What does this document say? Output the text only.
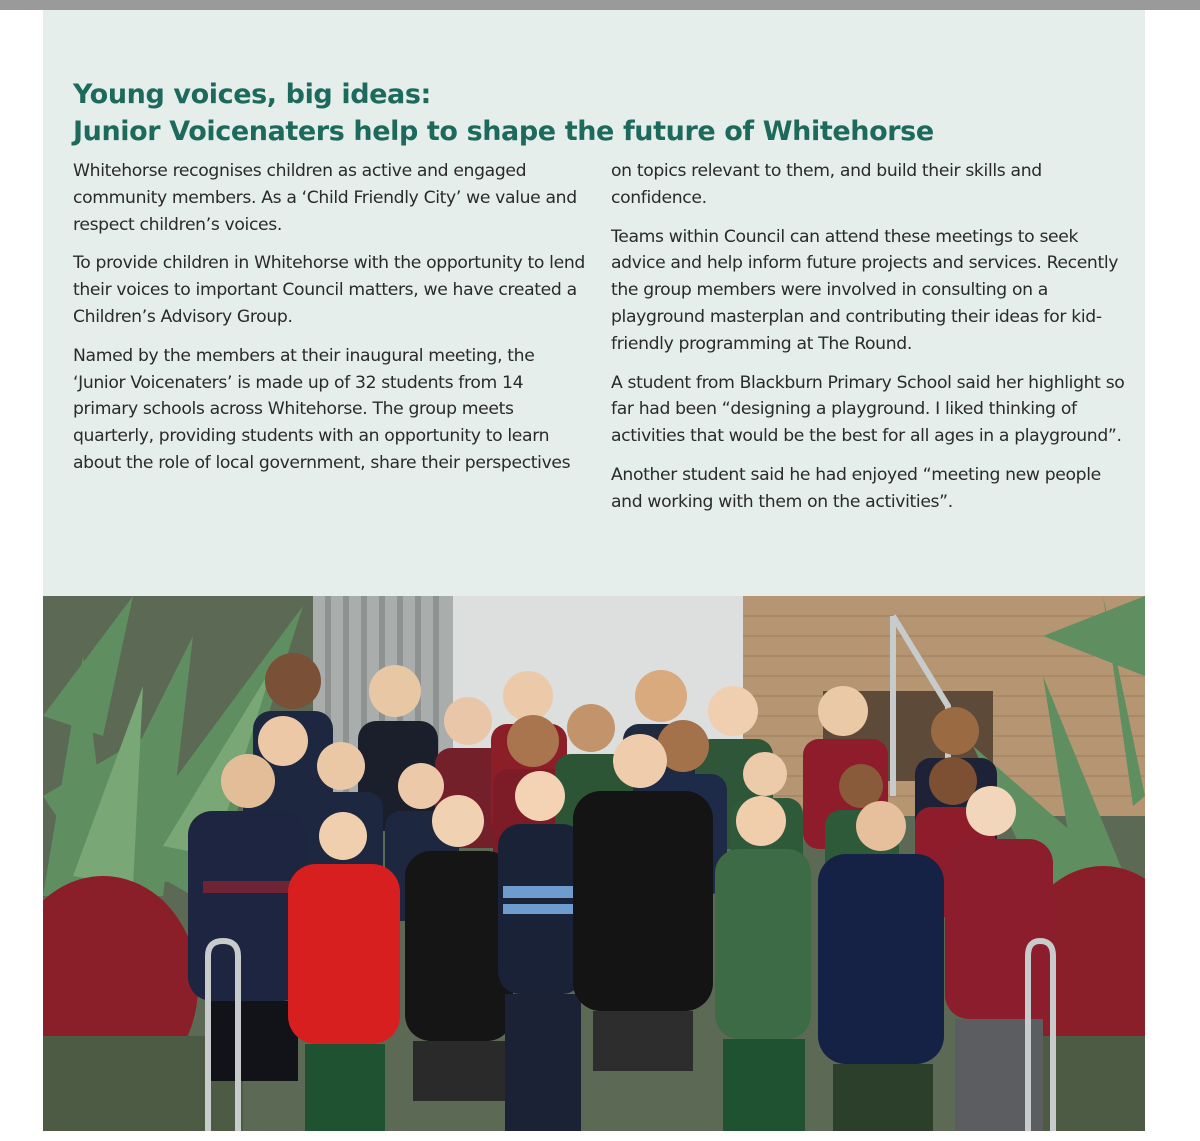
Young voices, big ideas:
Junior Voicenaters help to shape the future of Whitehorse

Whitehorse recognises children as active and engaged community members. As a ‘Child Friendly City’ we value and respect children’s voices.

To provide children in Whitehorse with the opportunity to lend their voices to important Council matters, we have created a Children’s Advisory Group.

Named by the members at their inaugural meeting, the ‘Junior Voicenaters’ is made up of 32 students from 14 primary schools across Whitehorse. The group meets quarterly, providing students with an opportunity to learn about the role of local government, share their perspectives

on topics relevant to them, and build their skills and confidence.

Teams within Council can attend these meetings to seek advice and help inform future projects and services. Recently the group members were involved in consulting on a playground masterplan and contributing their ideas for kid-friendly programming at The Round.

A student from Blackburn Primary School said her highlight so far had been “designing a playground. I liked thinking of activities that would be the best for all ages in a playground”.

Another student said he had enjoyed “meeting new people and working with them on the activities”.
